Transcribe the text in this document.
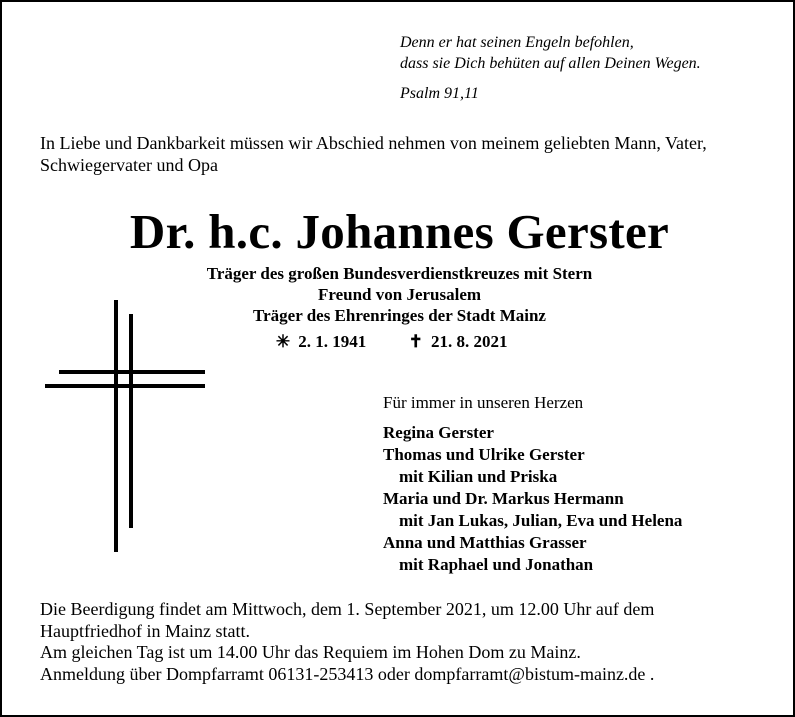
Denn er hat seinen Engeln befohlen,
dass sie Dich behüten auf allen Deinen Wegen.
Psalm 91,11
In Liebe und Dankbarkeit müssen wir Abschied nehmen von meinem geliebten Mann, Vater, Schwiegervater und Opa
Dr. h.c. Johannes Gerster
Träger des großen Bundesverdienstkreuzes mit Stern
Freund von Jerusalem
Träger des Ehrenringes der Stadt Mainz
✳ 2. 1. 1941 ✝ 21. 8. 2021
Für immer in unseren Herzen
Regina Gerster
Thomas und Ulrike Gerster
mit Kilian und Priska
Maria und Dr. Markus Hermann
mit Jan Lukas, Julian, Eva und Helena
Anna und Matthias Grasser
mit Raphael und Jonathan
Die Beerdigung findet am Mittwoch, dem 1. September 2021, um 12.00 Uhr auf dem
Hauptfriedhof in Mainz statt.
Am gleichen Tag ist um 14.00 Uhr das Requiem im Hohen Dom zu Mainz.
Anmeldung über Dompfarramt 06131-253413 oder dompfarramt@bistum-mainz.de .
